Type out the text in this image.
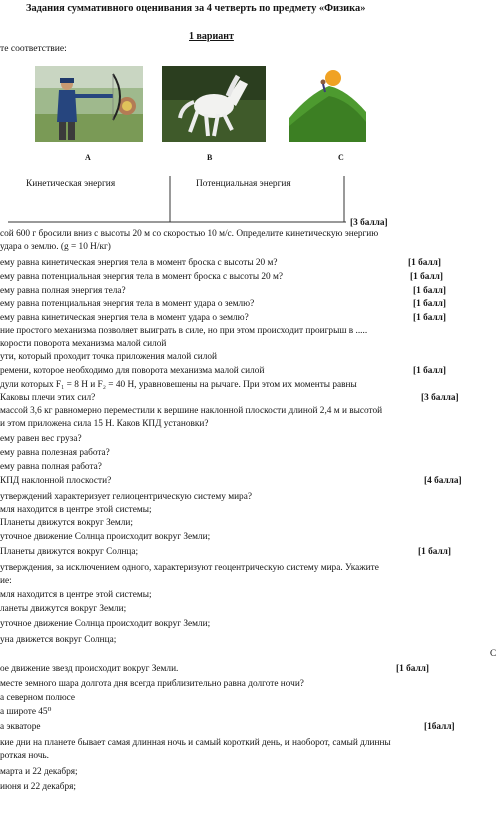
Задания суммативного оценивания за 4 четверть по предмету «Физика»
1 вариант
те соответствие:
A	B	C
Кинетическая энергия	Потенциальная энергия
[3 балла]
сой 600 г бросили вниз с высоты 20 м со скоростью 10 м/с. Определите кинетическую энергию
удара о землю. (g = 10 Н/кг)
ему равна кинетическая энергия тела в момент броска с высоты 20 м?	[1 балл]
ему равна потенциальная энергия тела в момент броска с высоты 20 м?	[1 балл]
ему равна полная энергия тела?	[1 балл]
ему равна потенциальная энергия тела в момент удара о землю?	[1 балл]
ему равна кинетическая энергия тела в момент удара о землю?	[1 балл]
ние простого механизма позволяет выиграть в силе, но при этом происходит проигрыш в .....
корости поворота механизма малой силой
ути, который проходит точка приложения малой силой
ремени, которое необходимо для поворота механизма малой силой	[1 балл]
дули которых F₁ = 8 Н и F₂ = 40 Н, уравновешены на рычаге. При этом их моменты равны
Каковы плечи этих сил?	[3 балла]
массой 3,6 кг равномерно переместили к вершине наклонной плоскости длиной 2,4 м и высотой
и этом приложена сила 15 Н. Каков КПД установки?
ему равен вес груза?
ему равна полезная работа?
ему равна полная работа?
КПД наклонной плоскости?	[4 балла]
утверждений характеризует гелиоцентрическую систему мира?
мля находится в центре этой системы;
Планеты движутся вокруг Земли;
уточное движение Солнца происходит вокруг Земли;
Планеты движутся вокруг Солнца;	[1 балл]
утверждения, за исключением одного, характеризуют геоцентрическую систему мира. Укажите
ие:
мля находится в центре этой системы;
ланеты движутся вокруг Земли;
уточное движение Солнца происходит вокруг Земли;
уна движется вокруг Солнца;
С
ое движение звезд происходит вокруг Земли.	[1 балл]
месте земного шара долгота дня всегда приблизительно равна долготе ночи?
а северном полюсе
а широте 45⁰
а экваторе	[1балл]
кие дни на планете бывает самая длинная ночь и самый короткий день, и наоборот, самый длинны
роткая ночь.
марта и 22 декабря;
июня и 22 декабря;
